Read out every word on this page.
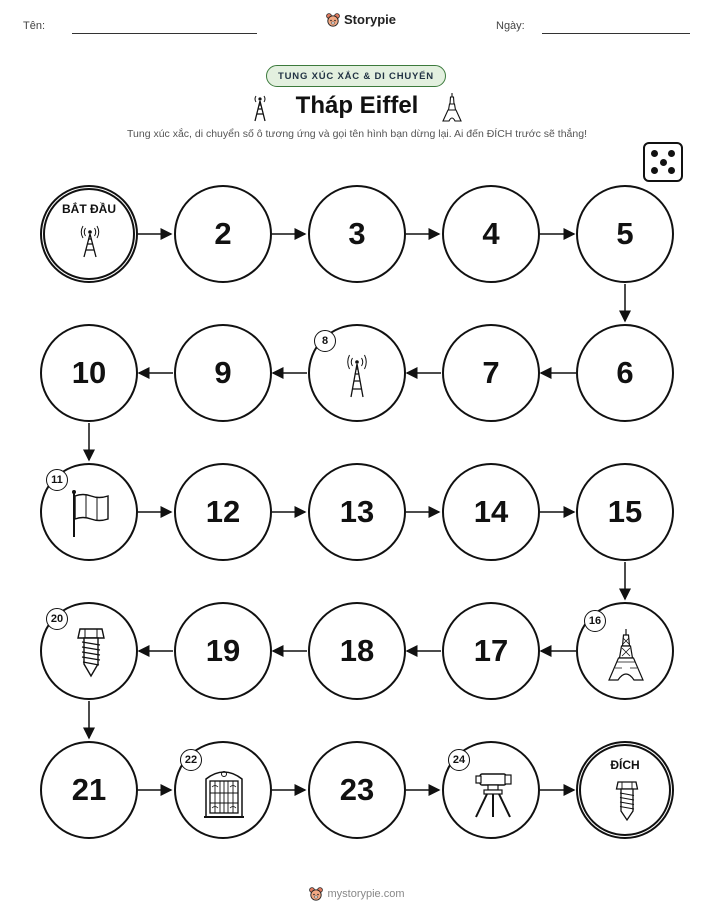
Tên:	Storypie	Ngày:
TUNG XÚC XẮC & DI CHUYỂN
Tháp Eiffel
Tung xúc xắc, di chuyển số ô tương ứng và gọi tên hình bạn dừng lại. Ai đến ĐÍCH trước sẽ thắng!
BẮT ĐẦU
2	3	4	5
10	9
8
7	6
11
12	13	14	15
20
19	18	17
16
21
22
23
24	ĐÍCH
mystorypie.com
